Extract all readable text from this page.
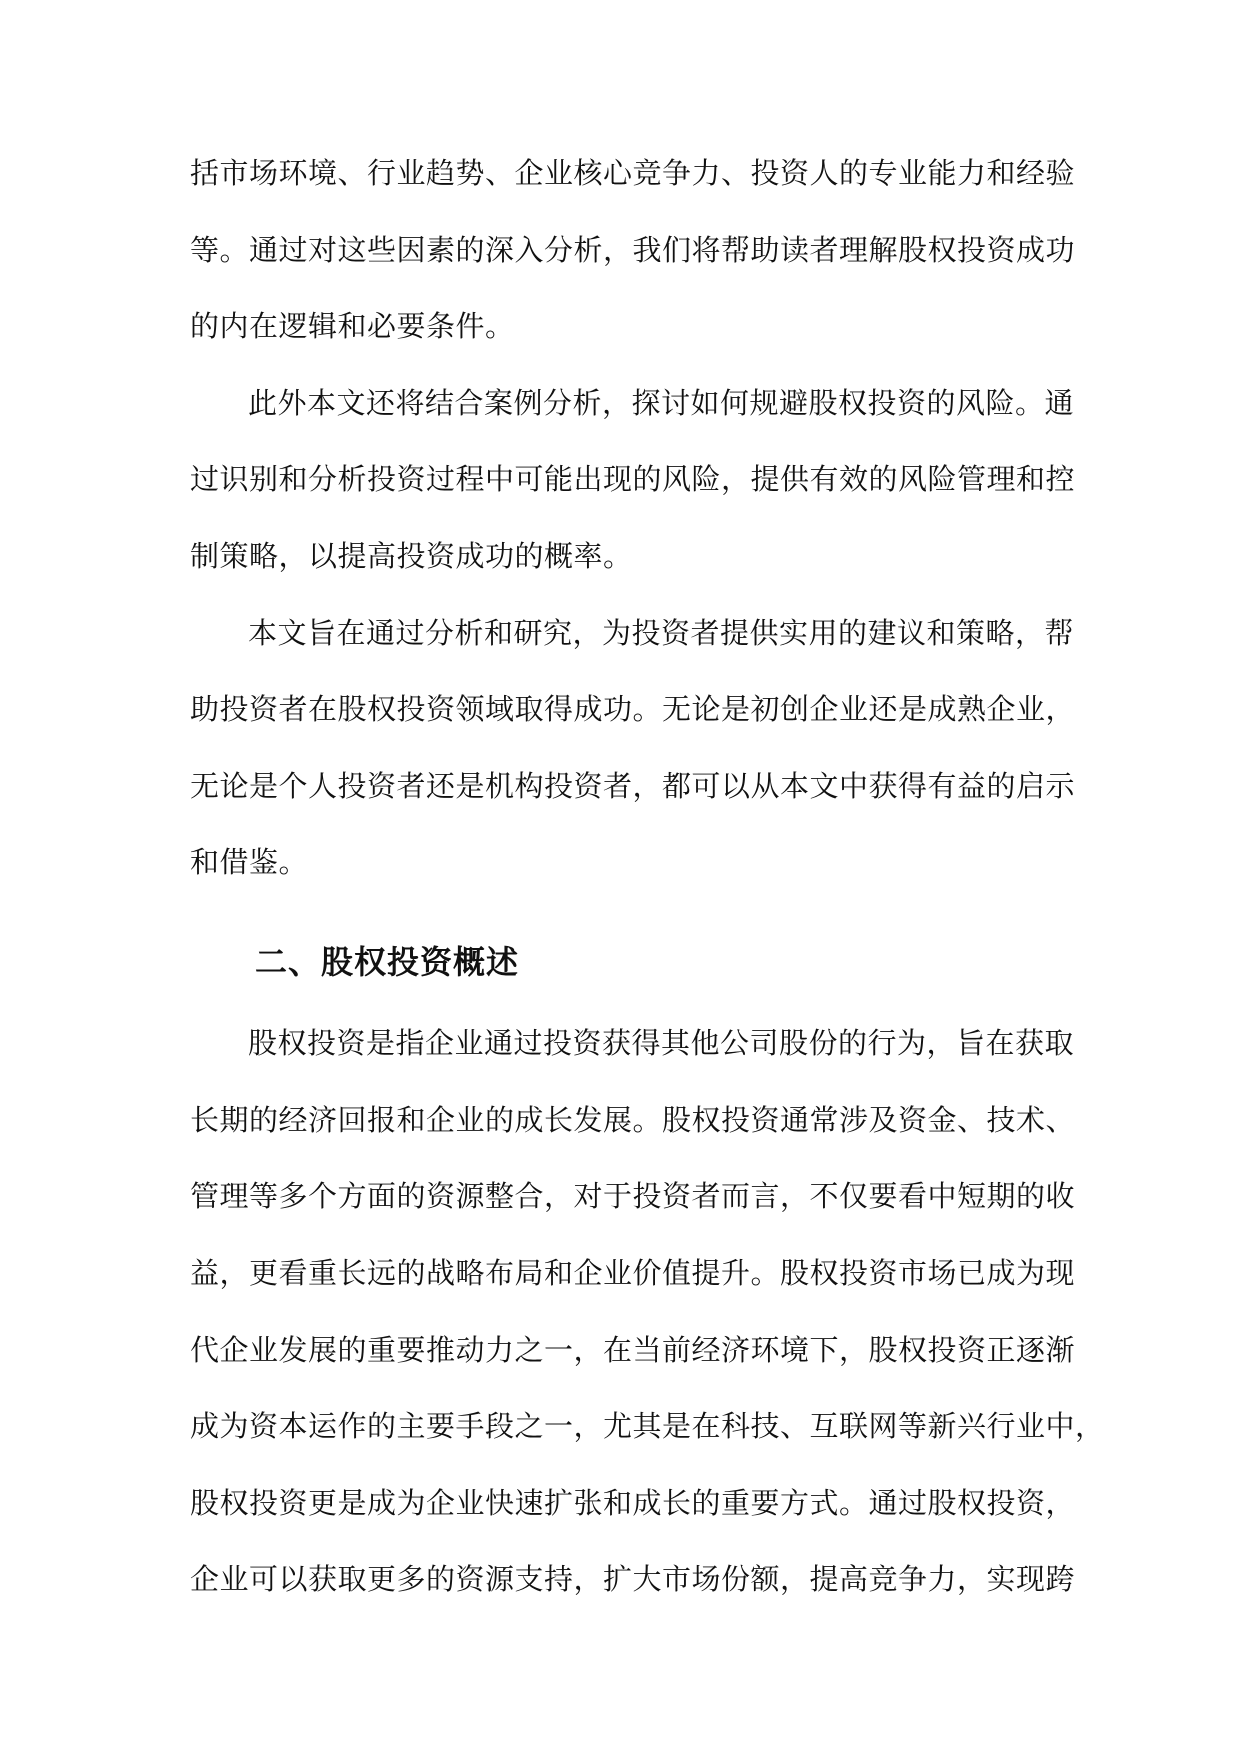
括市场环境、行业趋势、企业核心竞争力、投资人的专业能力和经验
等。通过对这些因素的深入分析，我们将帮助读者理解股权投资成功
的内在逻辑和必要条件。
此外本文还将结合案例分析，探讨如何规避股权投资的风险。通
过识别和分析投资过程中可能出现的风险，提供有效的风险管理和控
制策略，以提高投资成功的概率。
本文旨在通过分析和研究，为投资者提供实用的建议和策略，帮
助投资者在股权投资领域取得成功。无论是初创企业还是成熟企业，
无论是个人投资者还是机构投资者，都可以从本文中获得有益的启示
和借鉴。
二、股权投资概述
股权投资是指企业通过投资获得其他公司股份的行为，旨在获取
长期的经济回报和企业的成长发展。股权投资通常涉及资金、技术、
管理等多个方面的资源整合，对于投资者而言，不仅要看中短期的收
益，更看重长远的战略布局和企业价值提升。股权投资市场已成为现
代企业发展的重要推动力之一，在当前经济环境下，股权投资正逐渐
成为资本运作的主要手段之一，尤其是在科技、互联网等新兴行业中，
股权投资更是成为企业快速扩张和成长的重要方式。通过股权投资，
企业可以获取更多的资源支持，扩大市场份额，提高竞争力，实现跨
